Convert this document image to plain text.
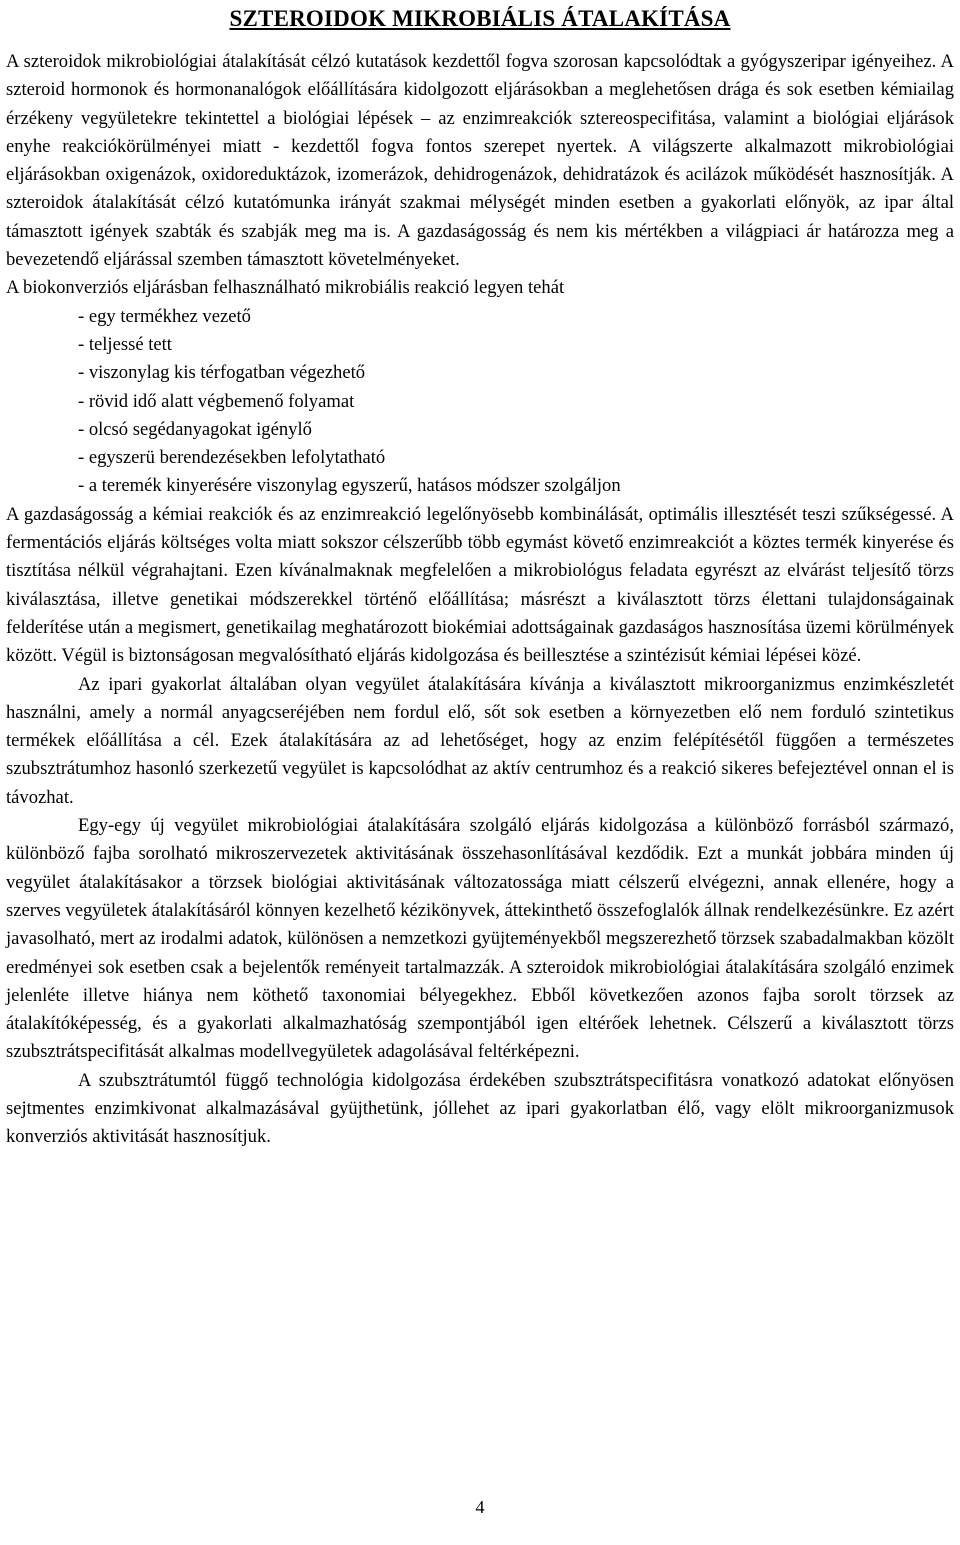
SZTEROIDOK MIKROBIÁLIS ÁTALAKÍTÁSA

A szteroidok mikrobiológiai átalakítását célzó kutatások kezdettől fogva szorosan kapcsolódtak a gyógyszeripar igényeihez. A szteroid hormonok és hormonanalógok előállítására kidolgozott eljárásokban a meglehetősen drága és sok esetben kémiailag érzékeny vegyületekre tekintettel a biológiai lépések – az enzimreakciók sztereospecifitása, valamint a biológiai eljárások enyhe reakciókörülményei miatt - kezdettől fogva fontos szerepet nyertek. A világszerte alkalmazott mikrobiológiai eljárásokban oxigenázok, oxidoreduktázok, izomerázok, dehidrogenázok, dehidratázok és acilázok működését hasznosítják. A szteroidok átalakítását célzó kutatómunka irányát szakmai mélységét minden esetben a gyakorlati előnyök, az ipar által támasztott igények szabták és szabják meg ma is. A gazdaságosság és nem kis mértékben a világpiaci ár határozza meg a bevezetendő eljárással szemben támasztott követelményeket.

A biokonverziós eljárásban felhasználható mikrobiális reakció legyen tehát

- egy termékhez vezető
- teljessé tett
- viszonylag kis térfogatban végezhető
- rövid idő alatt végbemenő folyamat
- olcsó segédanyagokat igénylő
- egyszerü berendezésekben lefolytatható
- a teremék kinyerésére viszonylag egyszerű, hatásos módszer szolgáljon

A gazdaságosság a kémiai reakciók és az enzimreakció legelőnyösebb kombinálását, optimális illesztését teszi szűkségessé. A fermentációs eljárás költséges volta miatt sokszor célszerűbb több egymást követő enzimreakciót a köztes termék kinyerése és tisztítása nélkül végrahajtani. Ezen kívánalmaknak megfelelően a mikrobiológus feladata egyrészt az elvárást teljesítő törzs kiválasztása, illetve genetikai módszerekkel történő előállítása; másrészt a kiválasztott törzs élettani tulajdonságainak felderítése után a megismert, genetikailag meghatározott biokémiai adottságainak gazdaságos hasznosítása üzemi körülmények között. Végül is biztonságosan megvalósítható eljárás kidolgozása és beillesztése a szintézisút kémiai lépései közé.

Az ipari gyakorlat általában olyan vegyület átalakítására kívánja a kiválasztott mikroorganizmus enzimkészletét használni, amely a normál anyagcseréjében nem fordul elő, sőt sok esetben a környezetben elő nem forduló szintetikus termékek előállítása a cél. Ezek átalakítására az ad lehetőséget, hogy az enzim felépítésétől függően a természetes szubsztrátumhoz hasonló szerkezetű vegyület is kapcsolódhat az aktív centrumhoz és a reakció sikeres befejeztével onnan el is távozhat.

Egy-egy új vegyület mikrobiológiai átalakítására szolgáló eljárás kidolgozása a különböző forrásból származó, különböző fajba sorolható mikroszervezetek aktivitásának összehasonlításával kezdődik. Ezt a munkát jobbára minden új vegyület átalakításakor a törzsek biológiai aktivitásának változatossága miatt célszerű elvégezni, annak ellenére, hogy a szerves vegyületek átalakításáról könnyen kezelhető kézikönyvek, áttekinthető összefoglalók állnak rendelkezésünkre. Ez azért javasolható, mert az irodalmi adatok, különösen a nemzetkozi gyüjteményekből megszerezhető törzsek szabadalmakban közölt eredményei sok esetben csak a bejelentők reményeit tartalmazzák. A szteroidok mikrobiológiai átalakítására szolgáló enzimek jelenléte illetve hiánya nem köthető taxonomiai bélyegekhez. Ebből következően azonos fajba sorolt törzsek az átalakítóképesség, és a gyakorlati alkalmazhatóság szempontjából igen eltérőek lehetnek. Célszerű a kiválasztott törzs szubsztrátspecifitását alkalmas modellvegyületek adagolásával feltérképezni.

A szubsztrátumtól függő technológia kidolgozása érdekében szubsztrátspecifitásra vonatkozó adatokat előnyösen sejtmentes enzimkivonat alkalmazásával gyüjthetünk, jóllehet az ipari gyakorlatban élő, vagy elölt mikroorganizmusok konverziós aktivitását hasznosítjuk.

4
